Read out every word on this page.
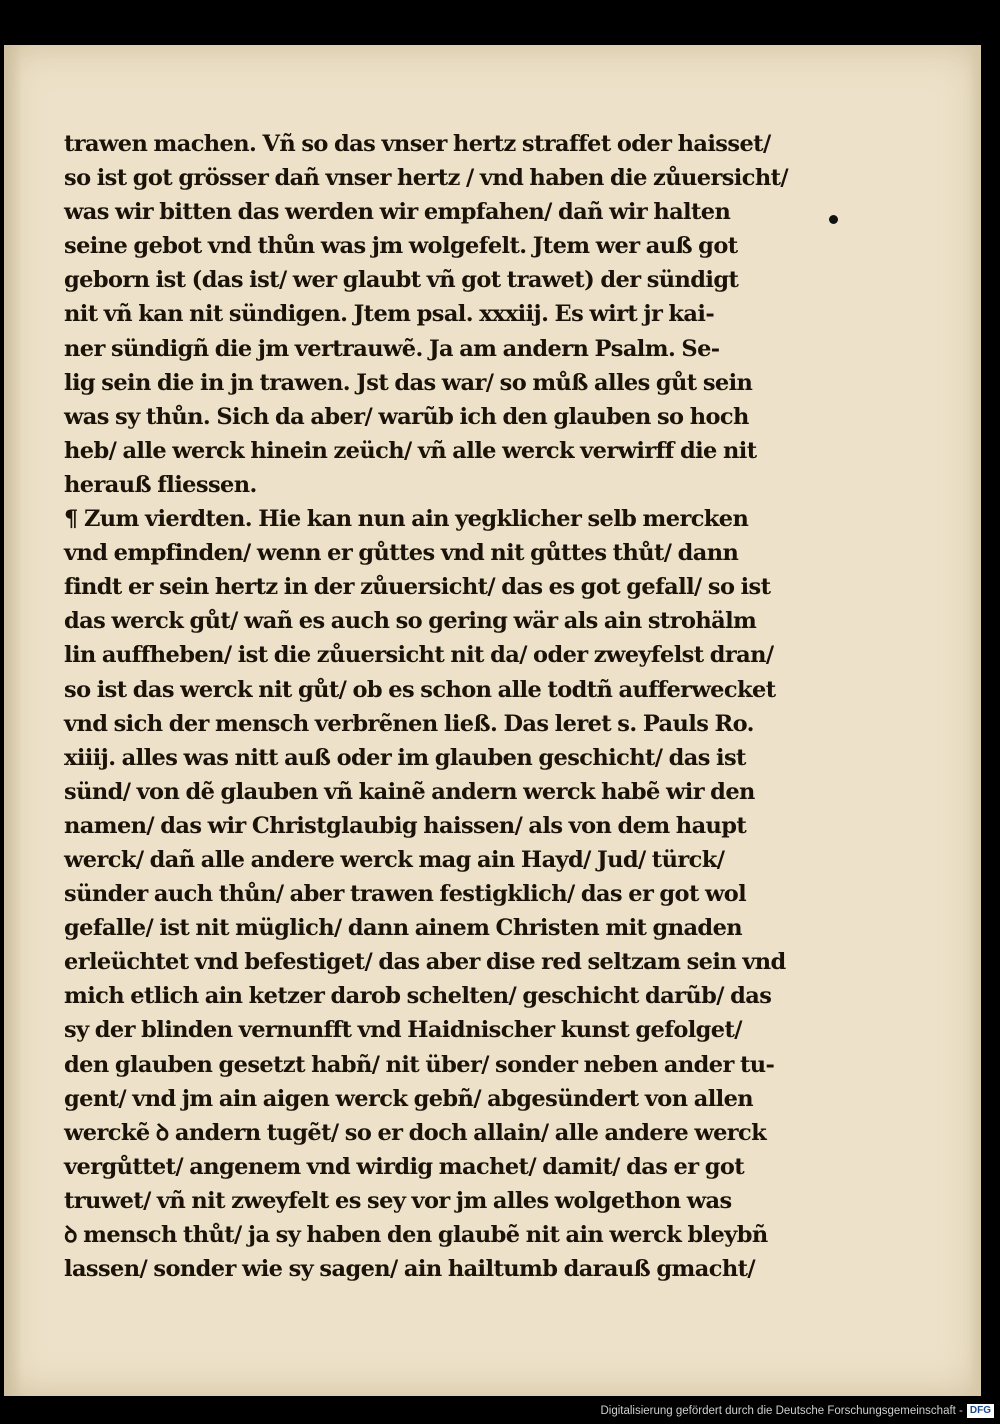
trawen machen. Vñ so das vnser hertz straffet oder haisset/
so ist got grösser dañ vnser hertz / vnd haben die zůuersicht/
was wir bitten das werden wir empfahen/ dañ wir halten
seine gebot vnd thůn was jm wolgefelt. Jtem wer auß got
geborn ist (das ist/ wer glaubt vñ got trawet) der sündigt
nit vñ kan nit sündigen. Jtem psal. xxxiij. Es wirt jr kai-
ner sündigñ die jm vertrauwẽ. Ja am andern Psalm. Se-
lig sein die in jn trawen. Jst das war/ so můß alles gůt sein
was sy thůn. Sich da aber/ warũb ich den glauben so hoch
heb/ alle werck hinein zeüch/ vñ alle werck verwirff die nit
herauß fliessen.
¶ Zum vierdten. Hie kan nun ain yegklicher selb mercken
vnd empfinden/ wenn er gůttes vnd nit gůttes thůt/ dann
findt er sein hertz in der zůuersicht/ das es got gefall/ so ist
das werck gůt/ wañ es auch so gering wär als ain strohälm
lin auffheben/ ist die zůuersicht nit da/ oder zweyfelst dran/
so ist das werck nit gůt/ ob es schon alle todtñ aufferwecket
vnd sich der mensch verbrẽnen ließ. Das leret s. Pauls Ro.
xiiij. alles was nitt auß oder im glauben geschicht/ das ist
sünd/ von dẽ glauben vñ kainẽ andern werck habẽ wir den
namen/ das wir Christglaubig haissen/ als von dem haupt
werck/ dañ alle andere werck mag ain Hayd/ Jud/ türck/
sünder auch thůn/ aber trawen festigklich/ das er got wol
gefalle/ ist nit müglich/ dann ainem Christen mit gnaden
erleüchtet vnd befestiget/ das aber dise red seltzam sein vnd
mich etlich ain ketzer darob schelten/ geschicht darũb/ das
sy der blinden vernunfft vnd Haidnischer kunst gefolget/
den glauben gesetzt habñ/ nit über/ sonder neben ander tu-
gent/ vnd jm ain aigen werck gebñ/ abgesündert von allen
werckẽ ꝺ andern tugẽt/ so er doch allain/ alle andere werck
vergůttet/ angenem vnd wirdig machet/ damit/ das er got
truwet/ vñ nit zweyfelt es sey vor jm alles wolgethon was
ꝺ mensch thůt/ ja sy haben den glaubẽ nit ain werck bleybñ
lassen/ sonder wie sy sagen/ ain hailtumb darauß gmacht/
Digitalisierung gefördert durch die Deutsche Forschungsgemeinschaft - DFG
